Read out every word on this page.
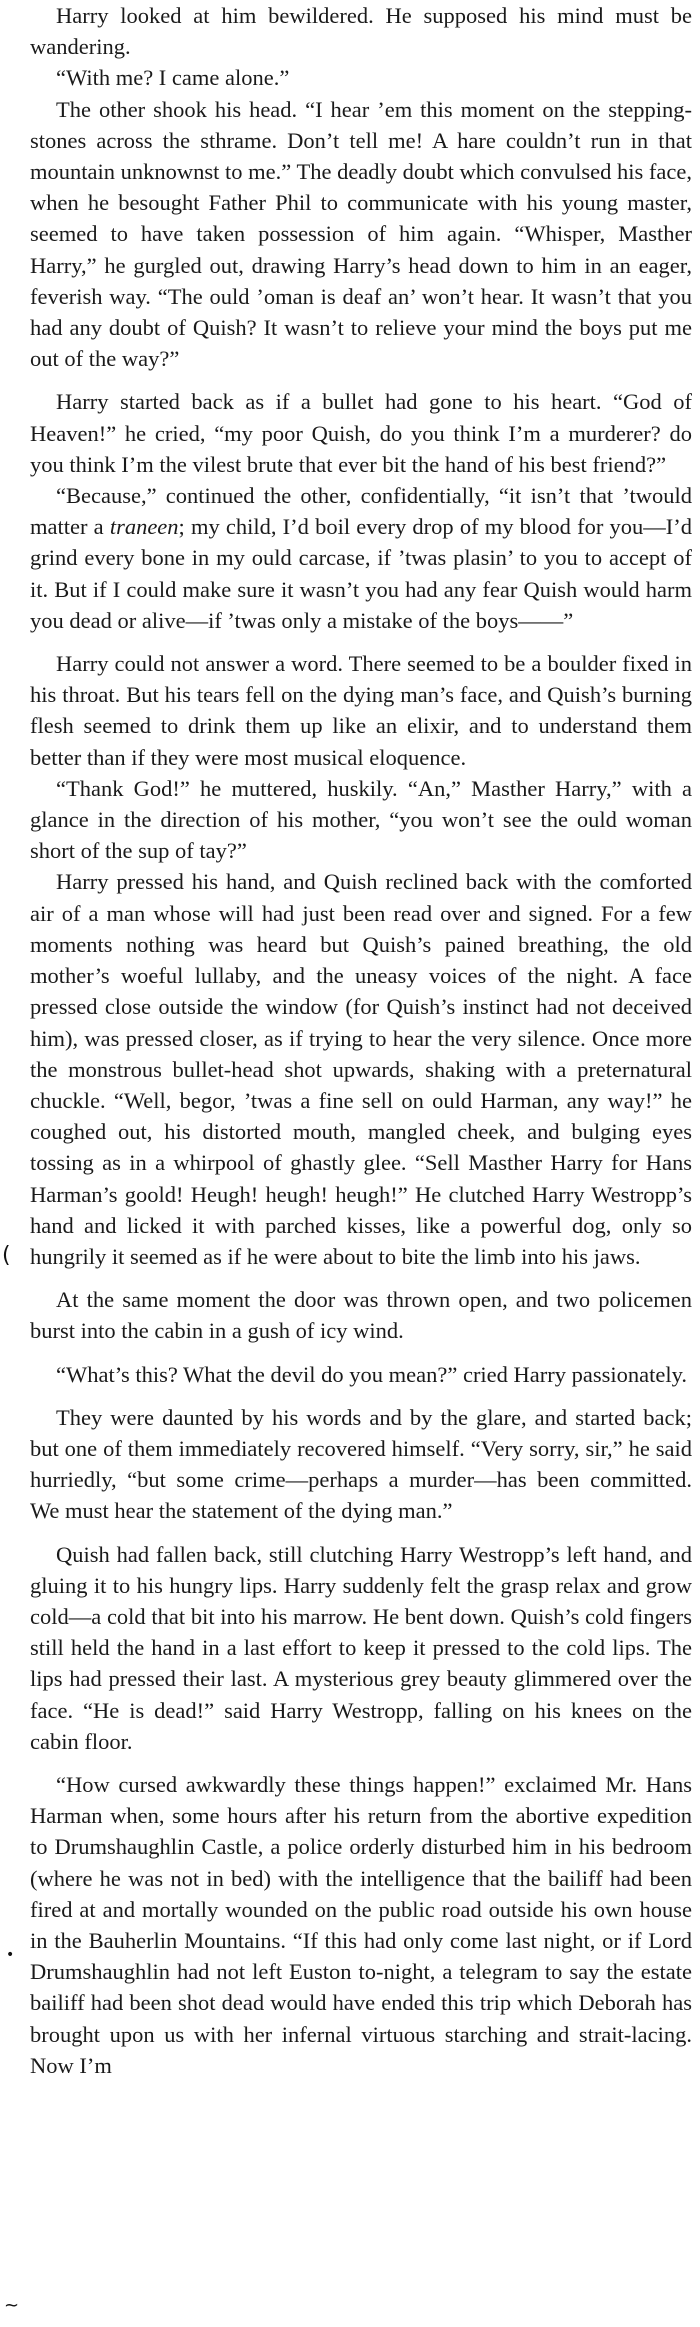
Harry looked at him bewildered. He supposed his mind must be wandering.

“With me? I came alone.”

The other shook his head. “I hear ’em this moment on the stepping-stones across the sthrame. Don’t tell me! A hare couldn’t run in that mountain unknownst to me.” The deadly doubt which convulsed his face, when he besought Father Phil to communicate with his young master, seemed to have taken possession of him again. “Whisper, Masther Harry,” he gurgled out, drawing Harry’s head down to him in an eager, feverish way. “The ould ’oman is deaf an’ won’t hear. It wasn’t that you had any doubt of Quish? It wasn’t to relieve your mind the boys put me out of the way?”

Harry started back as if a bullet had gone to his heart. “God of Heaven!” he cried, “my poor Quish, do you think I’m a murderer? do you think I’m the vilest brute that ever bit the hand of his best friend?”

“Because,” continued the other, confidentially, “it isn’t that ’twould matter a traneen; my child, I’d boil every drop of my blood for you—I’d grind every bone in my ould carcase, if ’twas plasin’ to you to accept of it. But if I could make sure it wasn’t you had any fear Quish would harm you dead or alive—if ’twas only a mistake of the boys——”

Harry could not answer a word. There seemed to be a boulder fixed in his throat. But his tears fell on the dying man’s face, and Quish’s burning flesh seemed to drink them up like an elixir, and to understand them better than if they were most musical eloquence.

“Thank God!” he muttered, huskily. “An,” Masther Harry,” with a glance in the direction of his mother, “you won’t see the ould woman short of the sup of tay?”

Harry pressed his hand, and Quish reclined back with the comforted air of a man whose will had just been read over and signed. For a few moments nothing was heard but Quish’s pained breathing, the old mother’s woeful lullaby, and the uneasy voices of the night. A face pressed close outside the window (for Quish’s instinct had not deceived him), was pressed closer, as if trying to hear the very silence. Once more the monstrous bullet-head shot upwards, shaking with a preternatural chuckle. “Well, begor, ’twas a fine sell on ould Harman, any way!” he coughed out, his distorted mouth, mangled cheek, and bulging eyes tossing as in a whirpool of ghastly glee. “Sell Masther Harry for Hans Harman’s goold! Heugh! heugh! heugh!” He clutched Harry Westropp’s hand and licked it with parched kisses, like a powerful dog, only so hungrily it seemed as if he were about to bite the limb into his jaws.

At the same moment the door was thrown open, and two policemen burst into the cabin in a gush of icy wind.

“What’s this? What the devil do you mean?” cried Harry passionately.

They were daunted by his words and by the glare, and started back; but one of them immediately recovered himself. “Very sorry, sir,” he said hurriedly, “but some crime—perhaps a murder—has been committed. We must hear the statement of the dying man.”

Quish had fallen back, still clutching Harry Westropp’s left hand, and gluing it to his hungry lips. Harry suddenly felt the grasp relax and grow cold—a cold that bit into his marrow. He bent down. Quish’s cold fingers still held the hand in a last effort to keep it pressed to the cold lips. The lips had pressed their last. A mysterious grey beauty glimmered over the face. “He is dead!” said Harry Westropp, falling on his knees on the cabin floor.

“How cursed awkwardly these things happen!” exclaimed Mr. Hans Harman when, some hours after his return from the abortive expedition to Drumshaughlin Castle, a police orderly disturbed him in his bedroom (where he was not in bed) with the intelligence that the bailiff had been fired at and mortally wounded on the public road outside his own house in the Bauherlin Mountains. “If this had only come last night, or if Lord Drumshaughlin had not left Euston to-night, a telegram to say the estate bailiff had been shot dead would have ended this trip which Deborah has brought upon us with her infernal virtuous starching and strait-lacing. Now I’m

(
•
~
